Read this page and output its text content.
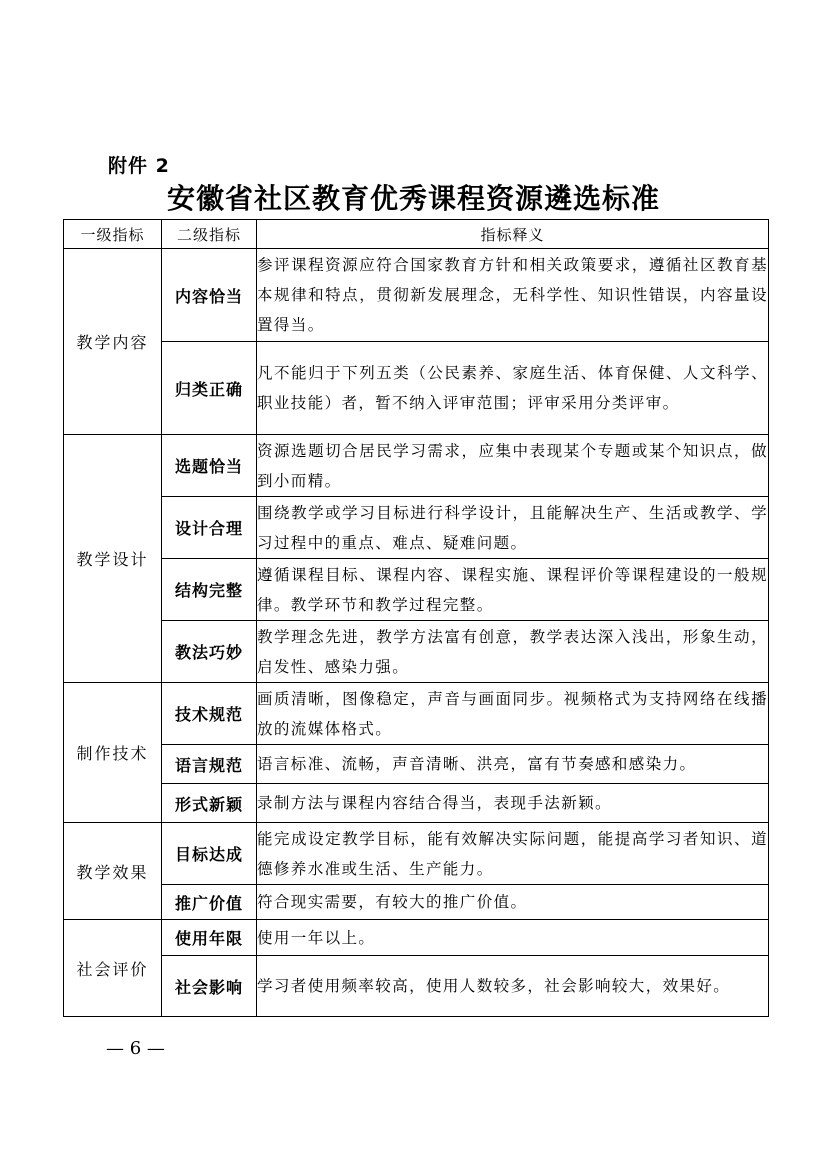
附件 2
安徽省社区教育优秀课程资源遴选标准
一级指标	二级指标	指标释义
教学内容	内容恰当	参评课程资源应符合国家教育方针和相关政策要求，遵循社区教育基本规律和特点，贯彻新发展理念，无科学性、知识性错误，内容量设置得当。
	归类正确	凡不能归于下列五类（公民素养、家庭生活、体育保健、人文科学、职业技能）者，暂不纳入评审范围；评审采用分类评审。
教学设计	选题恰当	资源选题切合居民学习需求，应集中表现某个专题或某个知识点，做到小而精。
	设计合理	围绕教学或学习目标进行科学设计，且能解决生产、生活或教学、学习过程中的重点、难点、疑难问题。
	结构完整	遵循课程目标、课程内容、课程实施、课程评价等课程建设的一般规律。教学环节和教学过程完整。
	教法巧妙	教学理念先进，教学方法富有创意，教学表达深入浅出，形象生动，启发性、感染力强。
制作技术	技术规范	画质清晰，图像稳定，声音与画面同步。视频格式为支持网络在线播放的流媒体格式。
	语言规范	语言标准、流畅，声音清晰、洪亮，富有节奏感和感染力。
	形式新颖	录制方法与课程内容结合得当，表现手法新颖。
教学效果	目标达成	能完成设定教学目标，能有效解决实际问题，能提高学习者知识、道德修养水准或生活、生产能力。
	推广价值	符合现实需要，有较大的推广价值。
社会评价	使用年限	使用一年以上。
	社会影响	学习者使用频率较高，使用人数较多，社会影响较大，效果好。
— 6 —
